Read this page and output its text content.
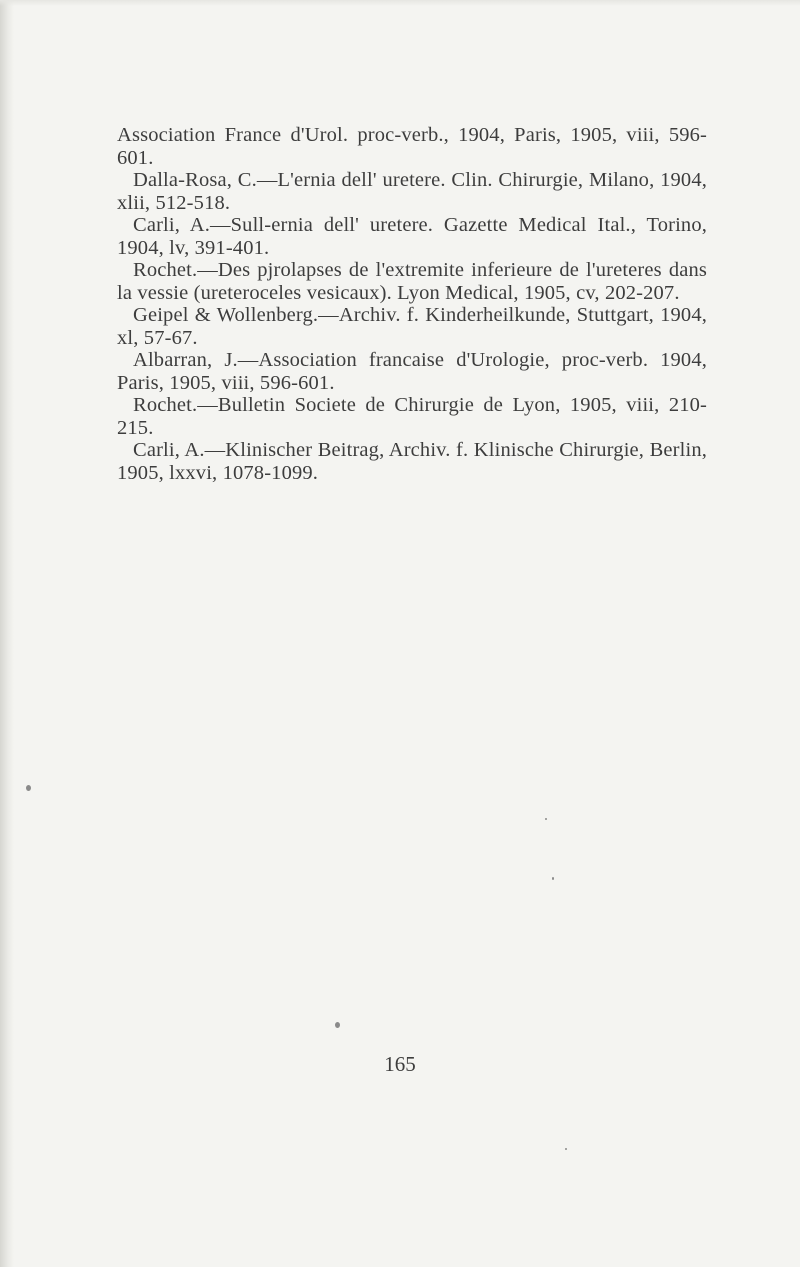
Association France d'Urol. proc-verb., 1904, Paris, 1905, viii, 596-601.

Dalla-Rosa, C.—L'ernia dell' uretere. Clin. Chirurgie, Milano, 1904, xlii, 512-518.

Carli, A.—Sull-ernia dell' uretere. Gazette Medical Ital., Torino, 1904, lv, 391-401.

Rochet.—Des pjrolapses de l'extremite inferieure de l'ureteres dans la vessie (ureteroceles vesicaux). Lyon Medical, 1905, cv, 202-207.

Geipel & Wollenberg.—Archiv. f. Kinderheilkunde, Stuttgart, 1904, xl, 57-67.

Albarran, J.—Association francaise d'Urologie, proc-verb. 1904, Paris, 1905, viii, 596-601.

Rochet.—Bulletin Societe de Chirurgie de Lyon, 1905, viii, 210-215.

Carli, A.—Klinischer Beitrag, Archiv. f. Klinische Chirurgie, Berlin, 1905, lxxvi, 1078-1099.

165
